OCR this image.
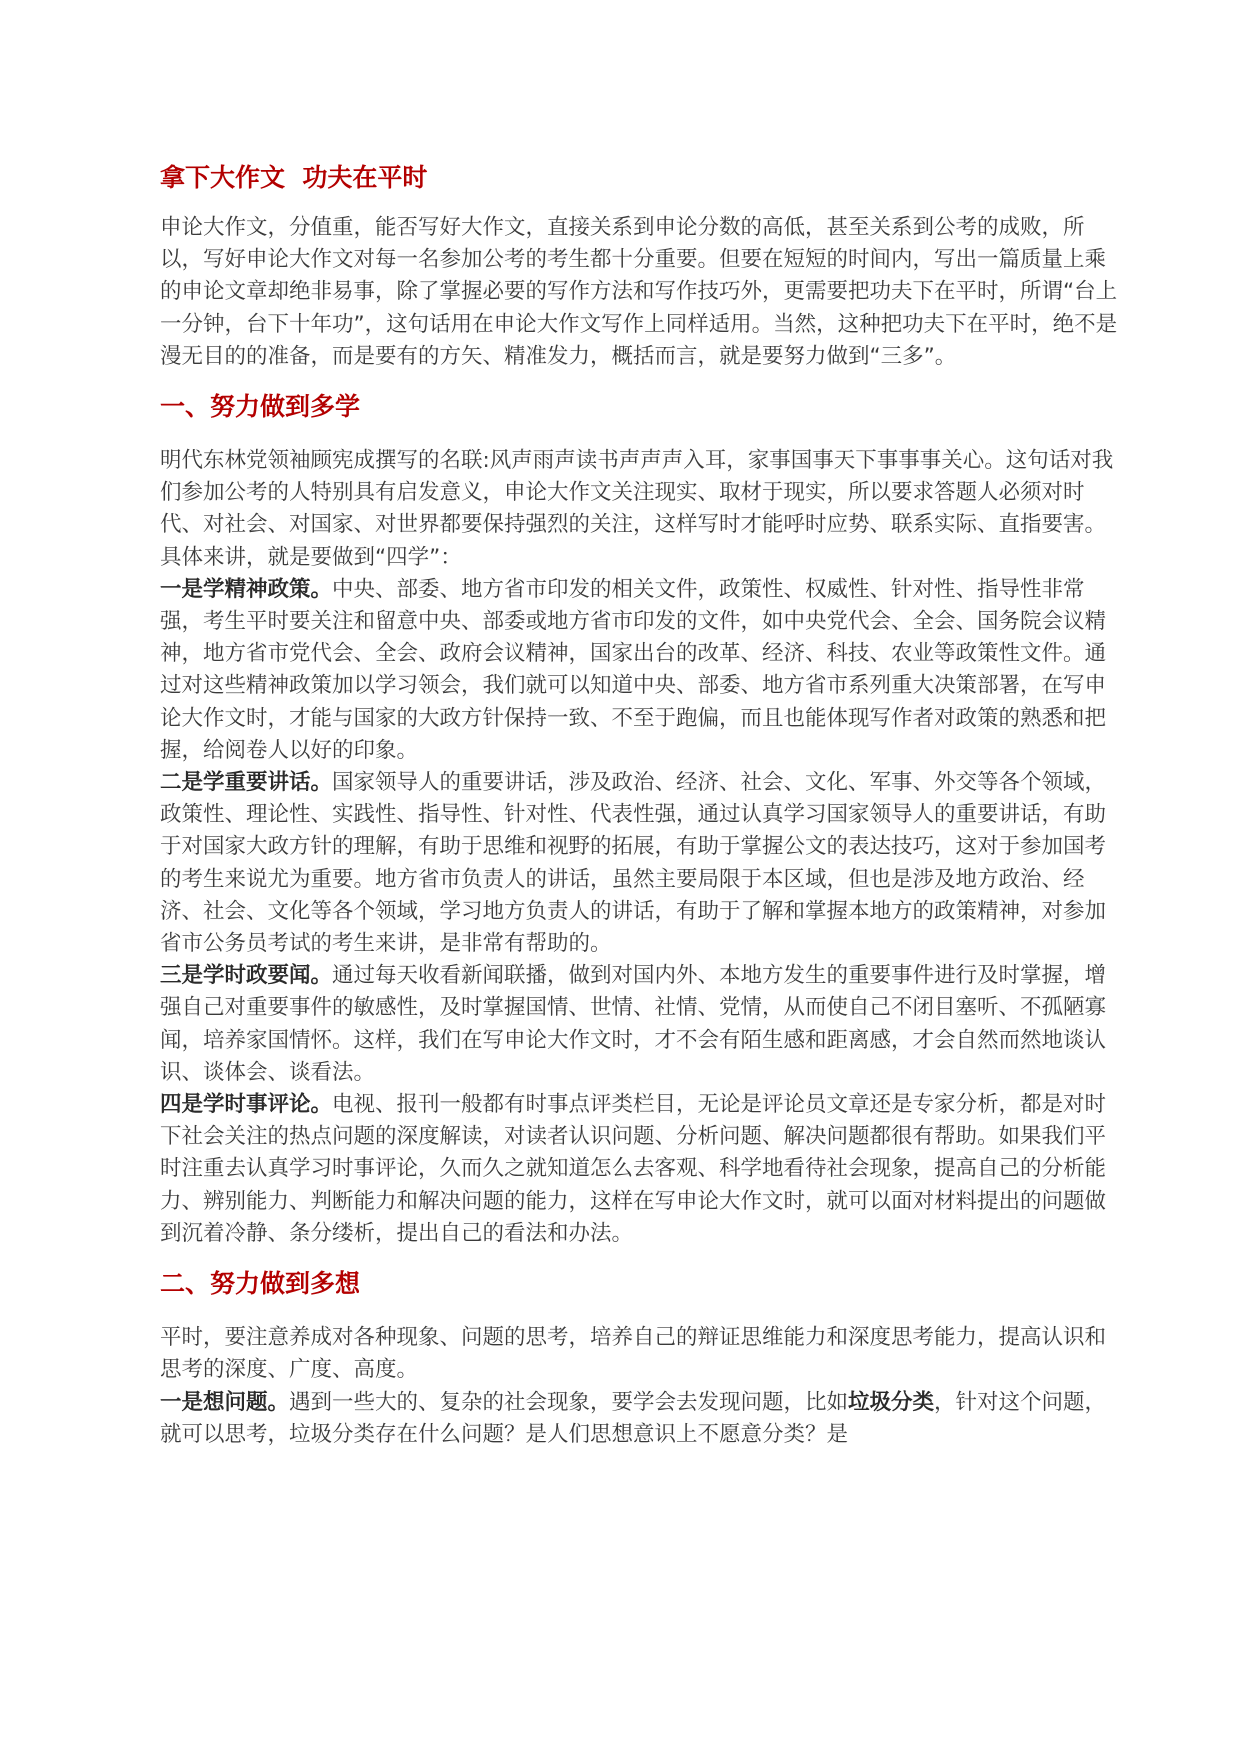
拿下大作文  功夫在平时

申论大作文，分值重，能否写好大作文，直接关系到申论分数的高低，甚至关系到公考的成败，所以，写好申论大作文对每一名参加公考的考生都十分重要。但要在短短的时间内，写出一篇质量上乘的申论文章却绝非易事，除了掌握必要的写作方法和写作技巧外，更需要把功夫下在平时，所谓“台上一分钟，台下十年功”，这句话用在申论大作文写作上同样适用。当然，这种把功夫下在平时，绝不是漫无目的的准备，而是要有的方矢、精准发力，概括而言，就是要努力做到“三多”。

一、努力做到多学

明代东林党领袖顾宪成撰写的名联:风声雨声读书声声声入耳，家事国事天下事事事关心。这句话对我们参加公考的人特别具有启发意义，申论大作文关注现实、取材于现实，所以要求答题人必须对时代、对社会、对国家、对世界都要保持强烈的关注，这样写时才能呼时应势、联系实际、直指要害。具体来讲，就是要做到“四学”：

一是学精神政策。中央、部委、地方省市印发的相关文件，政策性、权威性、针对性、指导性非常强，考生平时要关注和留意中央、部委或地方省市印发的文件，如中央党代会、全会、国务院会议精神，地方省市党代会、全会、政府会议精神，国家出台的改革、经济、科技、农业等政策性文件。通过对这些精神政策加以学习领会，我们就可以知道中央、部委、地方省市系列重大决策部署，在写申论大作文时，才能与国家的大政方针保持一致、不至于跑偏，而且也能体现写作者对政策的熟悉和把握，给阅卷人以好的印象。

二是学重要讲话。国家领导人的重要讲话，涉及政治、经济、社会、文化、军事、外交等各个领域，政策性、理论性、实践性、指导性、针对性、代表性强，通过认真学习国家领导人的重要讲话，有助于对国家大政方针的理解，有助于思维和视野的拓展，有助于掌握公文的表达技巧，这对于参加国考的考生来说尤为重要。地方省市负责人的讲话，虽然主要局限于本区域，但也是涉及地方政治、经济、社会、文化等各个领域，学习地方负责人的讲话，有助于了解和掌握本地方的政策精神，对参加省市公务员考试的考生来讲，是非常有帮助的。

三是学时政要闻。通过每天收看新闻联播，做到对国内外、本地方发生的重要事件进行及时掌握，增强自己对重要事件的敏感性，及时掌握国情、世情、社情、党情，从而使自己不闭目塞听、不孤陋寡闻，培养家国情怀。这样，我们在写申论大作文时，才不会有陌生感和距离感，才会自然而然地谈认识、谈体会、谈看法。

四是学时事评论。电视、报刊一般都有时事点评类栏目，无论是评论员文章还是专家分析，都是对时下社会关注的热点问题的深度解读，对读者认识问题、分析问题、解决问题都很有帮助。如果我们平时注重去认真学习时事评论，久而久之就知道怎么去客观、科学地看待社会现象，提高自己的分析能力、辨别能力、判断能力和解决问题的能力，这样在写申论大作文时，就可以面对材料提出的问题做到沉着冷静、条分缕析，提出自己的看法和办法。

二、努力做到多想

平时，要注意养成对各种现象、问题的思考，培养自己的辩证思维能力和深度思考能力，提高认识和思考的深度、广度、高度。

一是想问题。遇到一些大的、复杂的社会现象，要学会去发现问题，比如垃圾分类，针对这个问题，就可以思考，垃圾分类存在什么问题？是人们思想意识上不愿意分类？是
